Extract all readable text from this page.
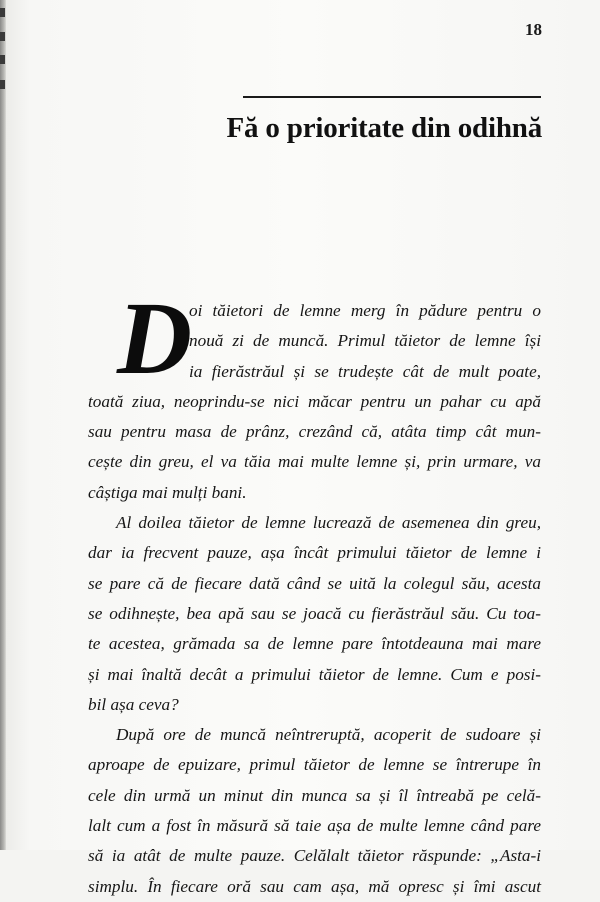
18
Fă o prioritate din odihnă
D
oi tăietori de lemne merg în pădure pentru o
nouă zi de muncă. Primul tăietor de lemne își
ia fierăstrăul și se trudește cât de mult poate,
toată ziua, neoprindu-se nici măcar pentru un pahar cu apă
sau pentru masa de prânz, crezând că, atâta timp cât mun-
cește din greu, el va tăia mai multe lemne și, prin urmare, va
câștiga mai mulți bani.
Al doilea tăietor de lemne lucrează de asemenea din greu,
dar ia frecvent pauze, așa încât primului tăietor de lemne i
se pare că de fiecare dată când se uită la colegul său, acesta
se odihnește, bea apă sau se joacă cu fierăstrăul său. Cu toa-
te acestea, grămada sa de lemne pare întotdeauna mai mare
și mai înaltă decât a primului tăietor de lemne. Cum e posi-
bil așa ceva?
După ore de muncă neîntreruptă, acoperit de sudoare și
aproape de epuizare, primul tăietor de lemne se întrerupe în
cele din urmă un minut din munca sa și îl întreabă pe celă-
lalt cum a fost în măsură să taie așa de multe lemne când pare
să ia atât de multe pauze. Celălalt tăietor răspunde: „Asta-i
simplu. În fiecare oră sau cam așa, mă opresc și îmi ascut
